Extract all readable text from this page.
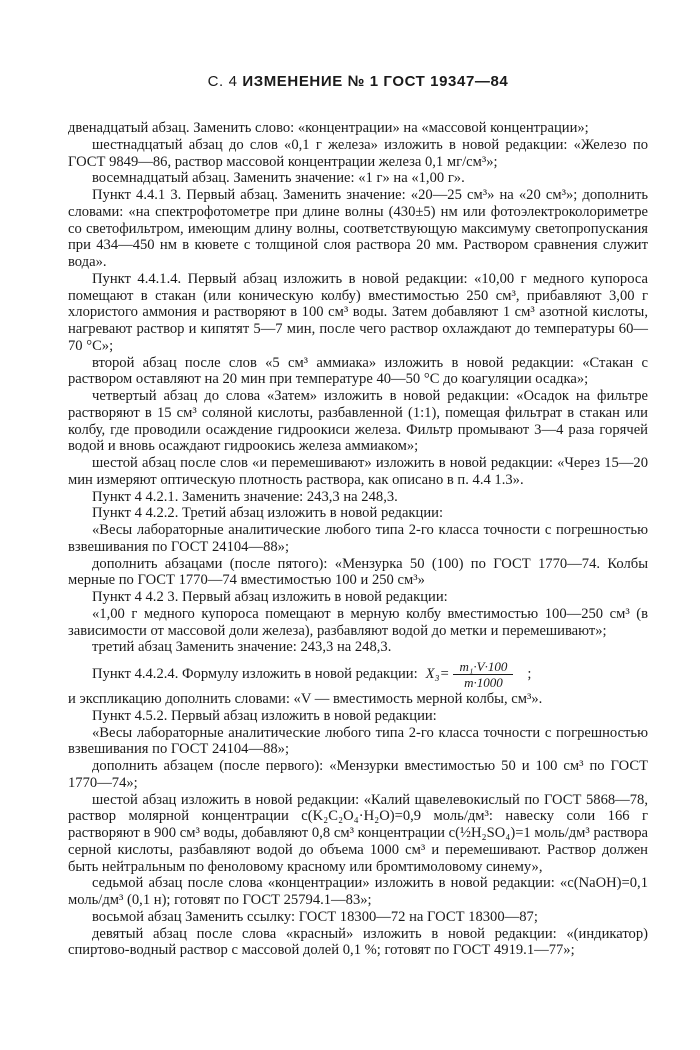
С. 4 ИЗМЕНЕНИЕ № 1 ГОСТ 19347—84

двенадцатый абзац. Заменить слово: «концентрации» на «массовой концентрации»;

шестнадцатый абзац до слов «0,1 г железа» изложить в новой редакции: «Железо по ГОСТ 9849—86, раствор массовой концентрации железа 0,1 мг/см³»;

восемнадцатый абзац. Заменить значение: «1 г» на «1,00 г».

Пункт 4.4.1 3. Первый абзац. Заменить значение: «20—25 см³» на «20 см³»; дополнить словами: «на спектрофотометре при длине волны (430±5) нм или фотоэлектроколориметре со светофильтром, имеющим длину волны, соответствующую максимуму светопропускания при 434—450 нм в кювете с толщиной слоя раствора 20 мм. Раствором сравнения служит вода».

Пункт 4.4.1.4. Первый абзац изложить в новой редакции: «10,00 г медного купороса помещают в стакан (или коническую колбу) вместимостью 250 см³, прибавляют 3,00 г хлористого аммония и растворяют в 100 см³ воды. Затем добавляют 1 см³ азотной кислоты, нагревают раствор и кипятят 5—7 мин, после чего раствор охлаждают до температуры 60—70 °С»;

второй абзац после слов «5 см³ аммиака» изложить в новой редакции: «Стакан с раствором оставляют на 20 мин при температуре 40—50 °С до коагуляции осадка»;

четвертый абзац до слова «Затем» изложить в новой редакции: «Осадок на фильтре растворяют в 15 см³ соляной кислоты, разбавленной (1:1), помещая фильтрат в стакан или колбу, где проводили осаждение гидроокиси железа. Фильтр промывают 3—4 раза горячей водой и вновь осаждают гидроокись железа аммиаком»;

шестой абзац после слов «и перемешивают» изложить в новой редакции: «Через 15—20 мин измеряют оптическую плотность раствора, как описано в п. 4.4 1.3».

Пункт 4 4.2.1. Заменить значение: 243,3 на 248,3.

Пункт 4 4.2.2. Третий абзац изложить в новой редакции:

«Весы лабораторные аналитические любого типа 2-го класса точности с погрешностью взвешивания по ГОСТ 24104—88»;

дополнить абзацами (после пятого): «Мензурка 50 (100) по ГОСТ 1770—74. Колбы мерные по ГОСТ 1770—74 вместимостью 100 и 250 см³»

Пункт 4 4.2 3. Первый абзац изложить в новой редакции:

«1,00 г медного купороса помещают в мерную колбу вместимостью 100—250 см³ (в зависимости от массовой доли железа), разбавляют водой до метки и перемешивают»;

третий абзац Заменить значение: 243,3 на 248,3.

Пункт 4.4.2.4. Формулу изложить в новой редакции: $X_3= \frac{\text{m₁·V·100}}{m\cdot 1000}$ ;

и экспликацию дополнить словами: «V — вместимость мерной колбы, см³».

Пункт 4.5.2. Первый абзац изложить в новой редакции:

«Весы лабораторные аналитические любого типа 2-го класса точности с погрешностью взвешивания по ГОСТ 24104—88»;

дополнить абзацем (после первого): «Мензурки вместимостью 50 и 100 см³ по ГОСТ 1770—74»;

шестой абзац изложить в новой редакции: «Калий щавелевокислый по ГОСТ 5868—78, раствор молярной концентрации c(K₂C₂O₄·H₂O)=0,9 моль/дм³: навеску соли 166 г растворяют в 900 см³ воды, добавляют 0,8 см³ концентрации c(½H₂SO₄)=1 моль/дм³ раствора серной кислоты, разбавляют водой до объема 1000 см³ и перемешивают. Раствор должен быть нейтральным по феноловому красному или бромтимоловому синему»,

седьмой абзац после слова «концентрации» изложить в новой редакции: «c(NaOH)=0,1 моль/дм³ (0,1 н); готовят по ГОСТ 25794.1—83»;

восьмой абзац Заменить ссылку: ГОСТ 18300—72 на ГОСТ 18300—87;

девятый абзац после слова «красный» изложить в новой редакции: «(индикатор) спиртово-водный раствор с массовой долей 0,1 %; готовят по ГОСТ 4919.1—77»;
